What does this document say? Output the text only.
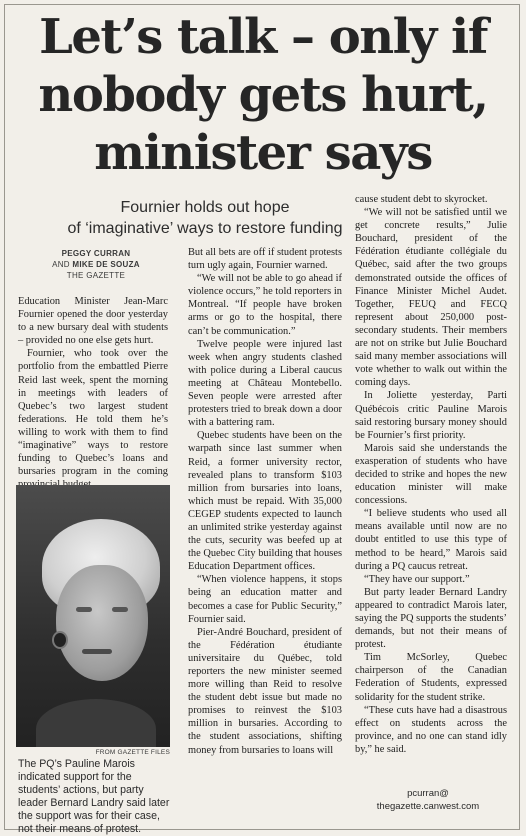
Let’s talk – only if
nobody gets hurt,
minister says
Fournier holds out hope
of ‘imaginative’ ways to restore funding
PEGGY CURRAN
AND MIKE DE SOUZA
THE GAZETTE

Education Minister Jean-Marc Fournier opened the door yesterday to a new bursary deal with students – provided no one else gets hurt.

Fournier, who took over the portfolio from the embattled Pierre Reid last week, spent the morning in meetings with leaders of Quebec’s two largest student federations. He told them he’s willing to work with them to find “imaginative” ways to restore funding to Quebec’s loans and bursaries program in the coming

FROM GAZETTE FILES
The PQ’s Pauline Marois indicated support for the students’ actions, but party leader Bernard Landry said later the support was for their case, not their means of protest.

But all bets are off if student protests turn ugly again, Fournier warned.

“We will not be able to go ahead if violence occurs,” he told reporters in Montreal. “If people have broken arms or go to the hospital, there can’t be communication.”

Twelve people were injured last week when angry students clashed with police during a Liberal caucus meeting at Château Montebello. Seven people were arrested after protesters tried to break down a door with a battering ram.

Quebec students have been on the warpath since last summer when Reid, a former university rector, revealed plans to transform $103 million from bursaries into loans, which must be repaid. With 35,000 CEGEP students expected to launch an unlimited strike yesterday against the cuts, security was beefed up at the Quebec City building that houses Education Department offices.

“When violence happens, it stops being an education matter and becomes a case for Public Security,” Fournier said.

Pier-André Bouchard, president of the Fédération étudiante universitaire du Québec, told reporters the new minister seemed more willing than Reid to resolve the student debt issue but made no promises to reinvest the $103 million in bursaries. According to the student associations, shifting money from bursaries to loans will

cause student debt to skyrocket.

“We will not be satisfied until we get concrete results,” Julie Bouchard, president of the Fédération étudiante collégiale du Québec, said after the two groups demonstrated outside the offices of Finance Minister Michel Audet. Together, FEUQ and FECQ represent about 250,000 post-secondary students. Their members are not on strike but Julie Bouchard said many member associations will vote whether to walk out within the coming days.

In Joliette yesterday, Parti Québécois critic Pauline Marois said restoring bursary money should be Fournier’s first priority.

Marois said she understands the exasperation of students who have decided to strike and hopes the new education minister will make concessions.

“I believe students who used all means available until now are no doubt entitled to use this type of method to be heard,” Marois said during a PQ caucus retreat.

“They have our support.”

But party leader Bernard Landry appeared to contradict Marois later, saying the PQ supports the students’ demands, but not their means of protest.

Tim McSorley, Quebec chairperson of the Canadian Federation of Students, expressed solidarity for the student strike.

“These cuts have had a disastrous effect on students across the province, and no one can stand idly by,” he said.

pcurran@
thegazette.canwest.com
